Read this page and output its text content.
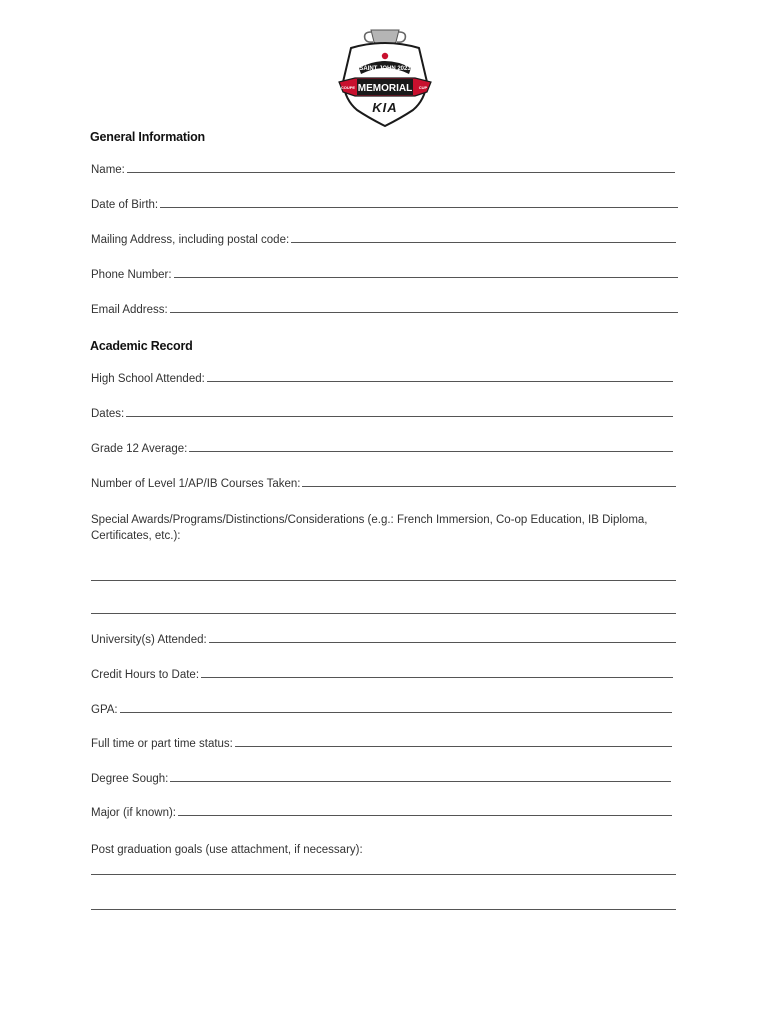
SAINT JOHN 2023
MEMORIAL
COUPE	CUP
KIA
General Information
Name:
Date of Birth:
Mailing Address, including postal code:
Phone Number:
Email Address:
Academic Record
High School Attended:
Dates:
Grade 12 Average:
Number of Level 1/AP/IB Courses Taken:
Special Awards/Programs/Distinctions/Considerations (e.g.: French Immersion, Co-op Education, IB Diploma, Certificates, etc.):
University(s) Attended:
Credit Hours to Date:
GPA:
Full time or part time status:
Degree Sough:
Major (if known):
Post graduation goals (use attachment, if necessary):
